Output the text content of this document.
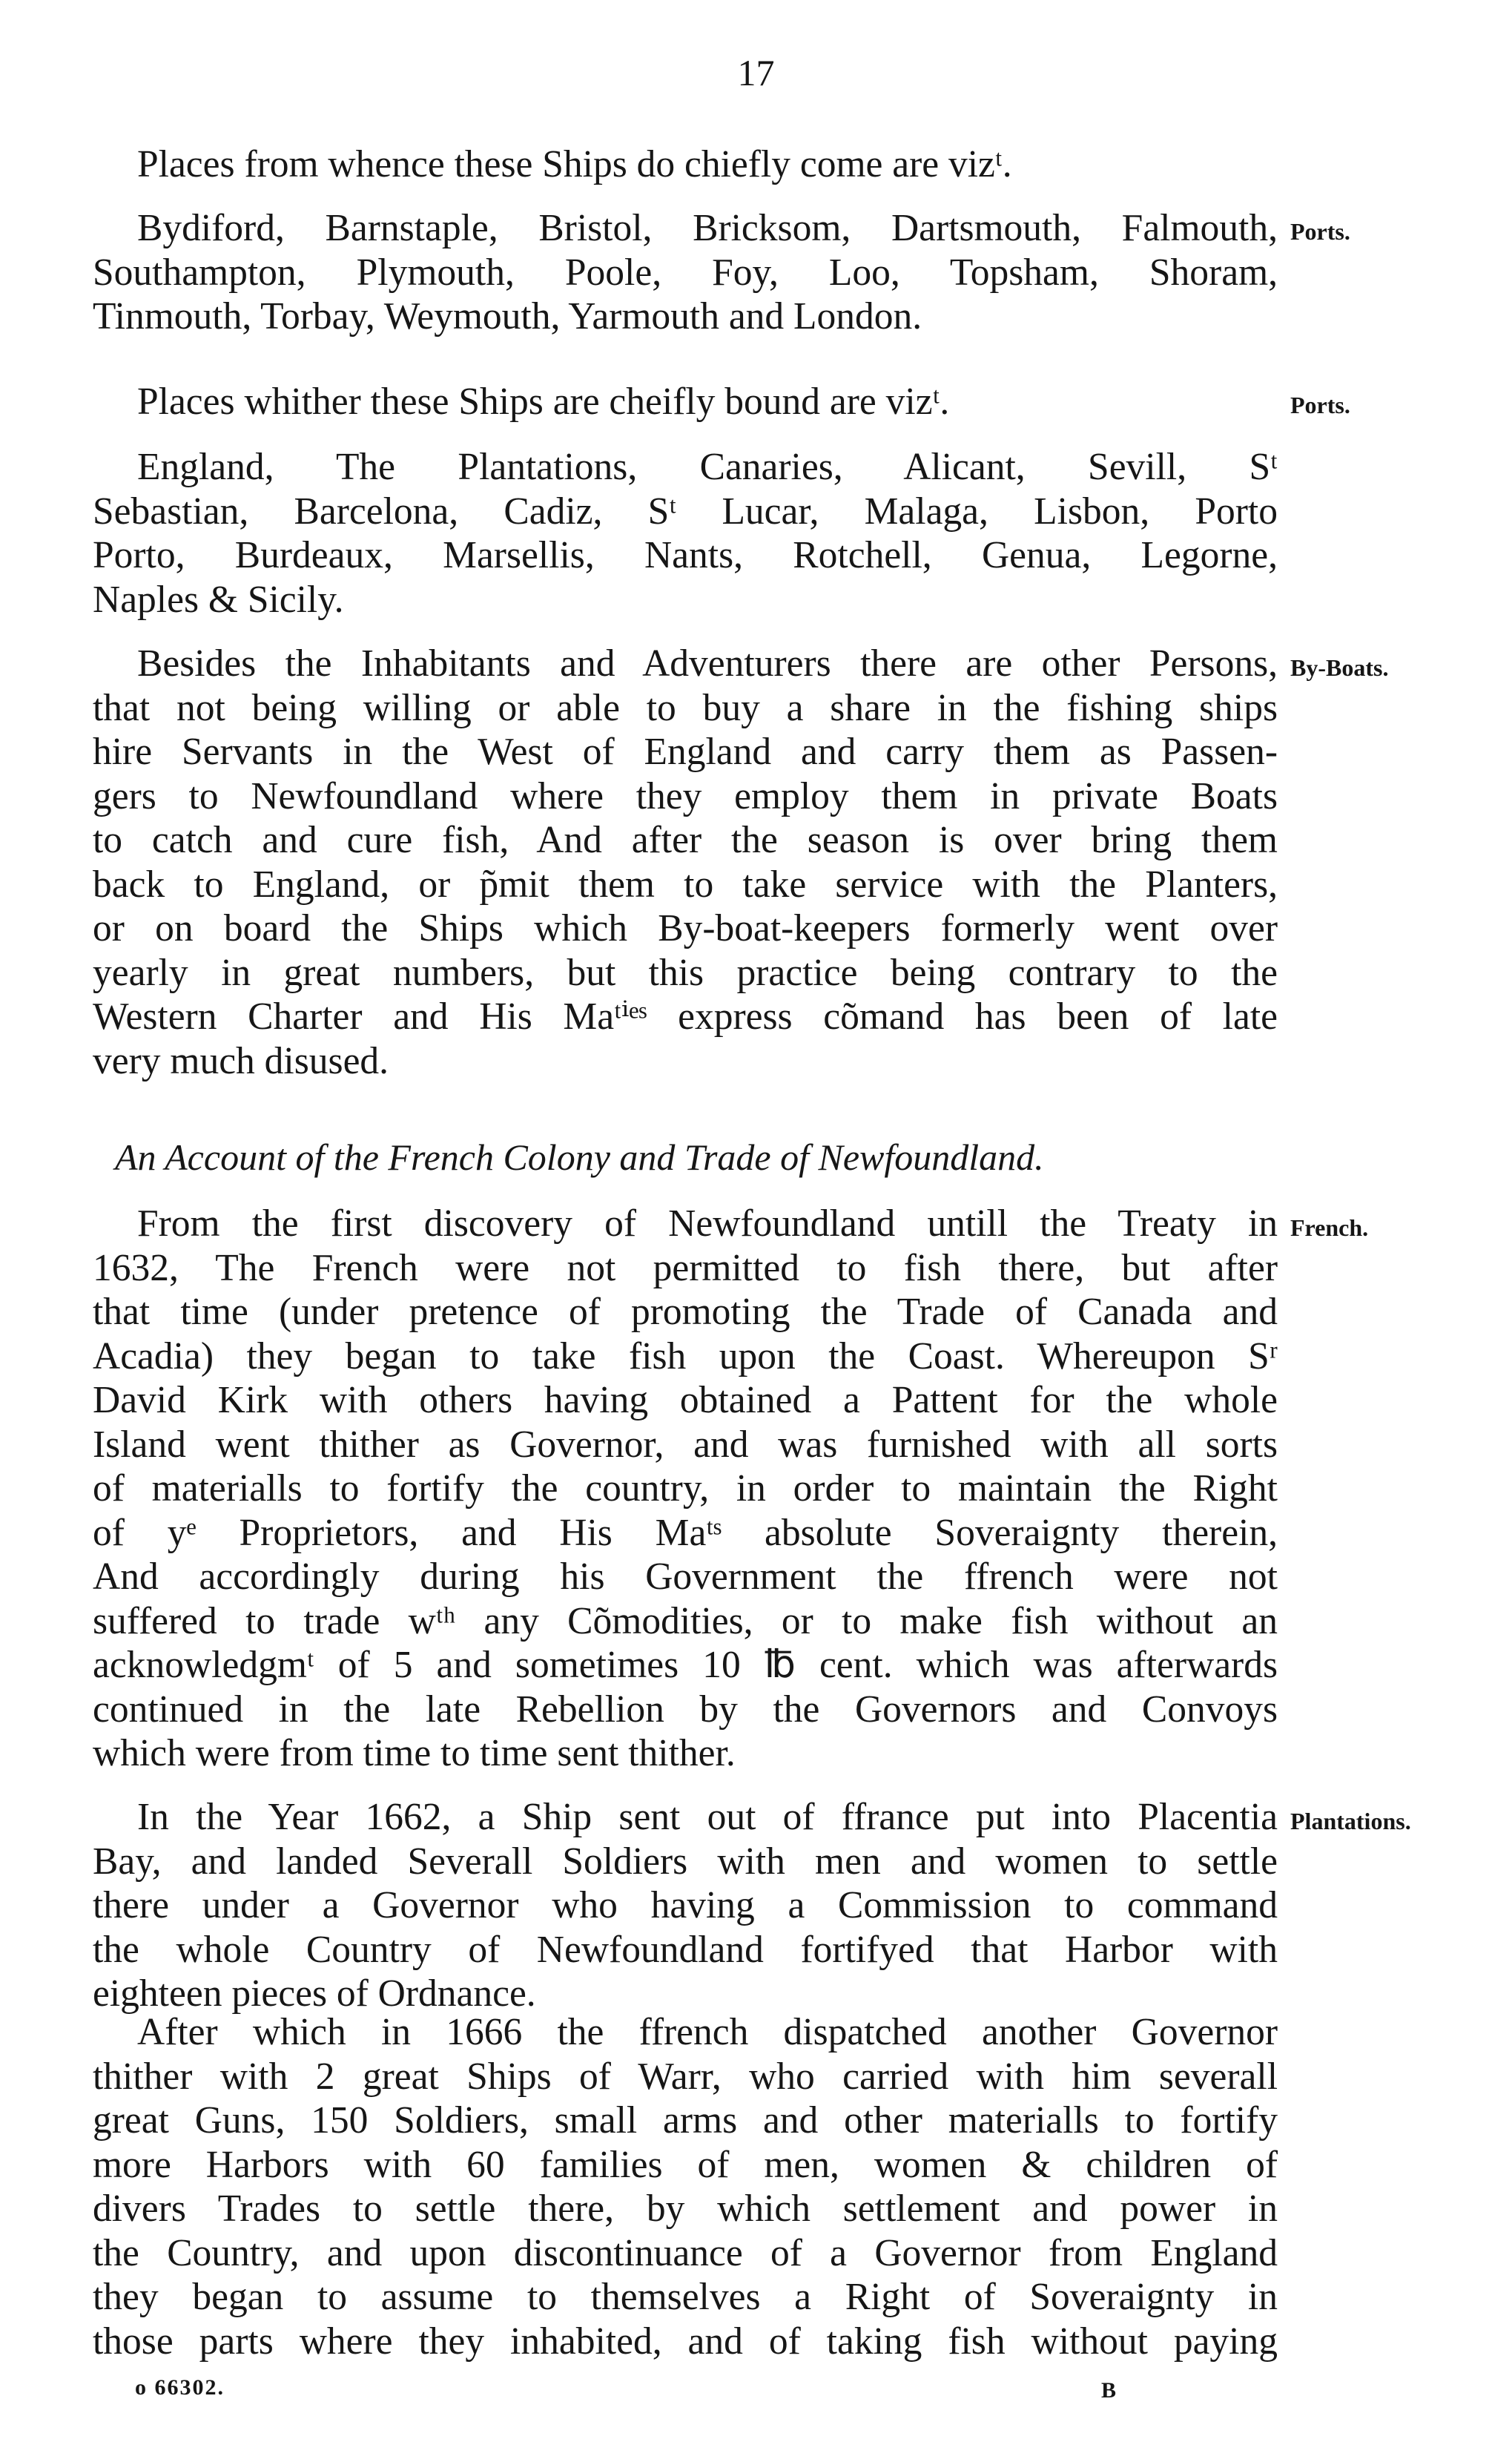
17

Places from whence these Ships do chiefly come are vizᵗ.

Bydiford, Barnstaple, Bristol, Bricksom, Dartsmouth, Falmouth,
Southampton, Plymouth, Poole, Foy, Loo, Topsham, Shoram,
Tinmouth, Torbay, Weymouth, Yarmouth and London.

Places whither these Ships are cheifly bound are vizᵗ.

England, The Plantations, Canaries, Alicant, Sevill, Sᵗ
Sebastian, Barcelona, Cadiz, Sᵗ Lucar, Malaga, Lisbon, Porto
Porto, Burdeaux, Marsellis, Nants, Rotchell, Genua, Legorne,
Naples & Sicily.

Besides the Inhabitants and Adventurers there are other Persons,
that not being willing or able to buy a share in the fishing ships
hire Servants in the West of England and carry them as Passen-
gers to Newfoundland where they employ them in private Boats
to catch and cure fish, And after the season is over bring them
back to England, or p̃mit them to take service with the Planters,
or on board the Ships which By-boat-keepers formerly went over
yearly in great numbers, but this practice being contrary to the
Western Charter and His Maᵗⁱᵉˢ express cõmand has been of late
very much disused.

An Account of the French Colony and Trade of Newfoundland.

From the first discovery of Newfoundland untill the Treaty in
1632, The French were not permitted to fish there, but after
that time (under pretence of promoting the Trade of Canada and
Acadia) they began to take fish upon the Coast. Whereupon Sʳ
David Kirk with others having obtained a Pattent for the whole
Island went thither as Governor, and was furnished with all sorts
of materialls to fortify the country, in order to maintain the Right
of yᵉ Proprietors, and His Maᵗˢ absolute Soveraignty therein,
And accordingly during his Government the ffrench were not
suffered to trade wᵗʰ any Cõmodities, or to make fish without an
acknowledgmᵗ of 5 and sometimes 10 ℔ cent. which was afterwards
continued in the late Rebellion by the Governors and Convoys
which were from time to time sent thither.

In the Year 1662, a Ship sent out of ffrance put into Placentia
Bay, and landed Severall Soldiers with men and women to settle
there under a Governor who having a Commission to command
the whole Country of Newfoundland fortifyed that Harbor with
eighteen pieces of Ordnance.

After which in 1666 the ffrench dispatched another Governor
thither with 2 great Ships of Warr, who carried with him severall
great Guns, 150 Soldiers, small arms and other materialls to fortify
more Harbors with 60 families of men, women & children of
divers Trades to settle there, by which settlement and power in
the Country, and upon discontinuance of a Governor from England
they began to assume to themselves a Right of Soveraignty in
those parts where they inhabited, and of taking fish without paying

Ports.
Ports.
By-Boats.
French.
Plantations.
o 66302.	B
